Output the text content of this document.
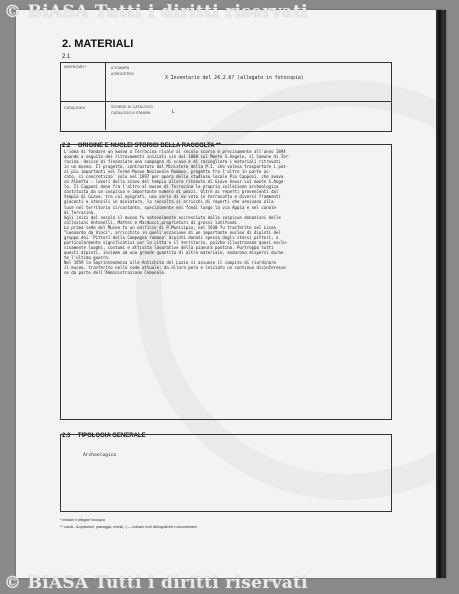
© BiASA Tutti i diritti riservati
2. MATERIALI
2.1
INVENTARI *	A STAMPA
A REGISTRO
X Inventario del 24.2.6? (allegato in fotocopia)
CATALOGHI	SCHEDE DI CATALOGO
CATALOGO A STAMPA	L
2.2 ORIGINE E NUCLEI STORICI DELLA RACCOLTA **
L'idea di fondare un museo a Terracina risale al secolo scorso e precisamente all'anno 1894
quando a seguito dei ritrovamenti iniziati sin dal 1880 sul Monte S.Angelo, il Comune di Ter-
racina  decise di finanziare una campagna di scavo e di raccogliere i materiali ritrovati
in un museo. Il progetto, contrastato dal Ministero della P.I. che voleva trasportare i pez-
zi piu importanti nel Terme Museo Nazionale Romano, progetto fra l'altro in parte ac-
cato, si concretizzo' solo nel 1897 per opera dello studioso locale Pio Capponi, che aveva
sa Albetta : lavori dello scavo del tempio allora ritenuto di Giove Anxur sul monte S.Ange-
lo. Il Capponi dono fra l'altro al museo di Terracina la propria collezione archeologica
costituita da un cospicuo e importante numero di pezzi. Oltre ai reperti provenienti dal
tempio di Giove, tra cui epigrafi, una serie di ex voto in terracotta e diversi frammenti
giacenti e utensili in miniatura, la raccolta si arricchi di reperti che venivano alla
luce nel territorio circostante, specialmente nei fondi lungo la via Appia e nel canale
di Terracina.
Agli inizi del secolo il museo fu notevolmente accresciuto dalle cospicue donazioni delle
collezioni Antonelli, Mattei e Marducci,proprietari di grossi latifondi.
La prima sede del Museo fu un edificio di P.Municipio, nel 1930 fu trasferito nel Liceo
"Leonardo da Vinci", arricchito in quell'occasione di un importante nucleo di dipinti del
gruppo dei 'Pittori della Campagna romana' dipinti donati spesso dagli stessi pittori, e
particolarmente significativi per la citta e il territorio, poiche illustravano quasi esclu-
sivamente luoghi, costumi e attivita lavorative della pianura pontina. Purtroppo tutti
questi dipinti, insieme ad una grande quantita di altro materiale, andarono dispersi duran-
te l'ultima guerra.
Nel 1959 la Soprintendenza alle Antichita del Lazio si assunse il compito di riordinare
il museo, trasferito nella sede attuale; da allora pero e iniziato un continuo disinteresse
se da parte dell'Amministrazione Comunale.
2.3 TIPOLOGIA GENERALE
Archeologico
* Indicare e allegare fotocopia
** Lasciti - Acquisizioni, passaggio, eventi(...) — indicare fonti bibliografiche e documentarie
© BiASA Tutti i diritti riservati
